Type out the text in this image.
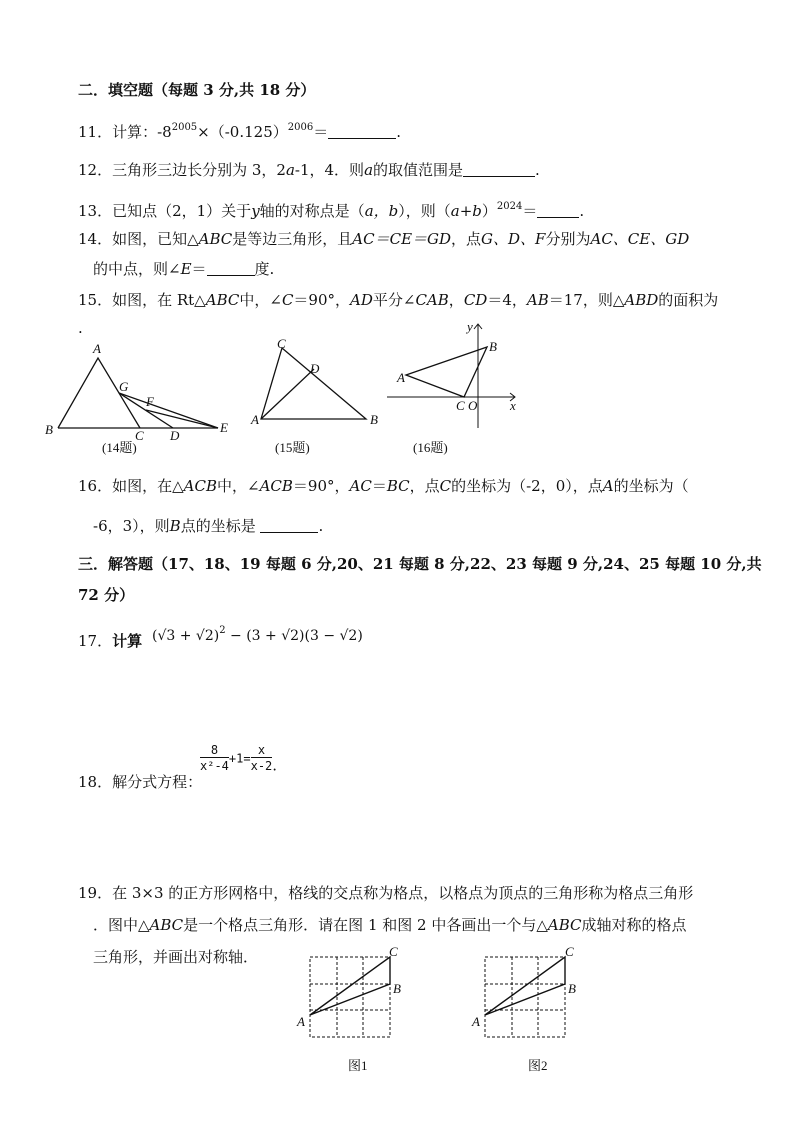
二．填空题（每题 3 分,共 18 分）
11．计算：$-8^{2005}\times(-0.125)^{2006}=$	.
12．三角形三边长分别为 3，2a-1，4．则a的取值范围是	.
13．已知点（2，1）关于y轴的对称点是（a，b），则$(a+b)^{2024}=$	.
14．如图，已知△ABC是等边三角形，且AC＝CE＝GD，点G、D、F分别为AC、CE、GD
的中点，则∠E＝	度.
15．如图，在 Rt△ABC中，∠C＝90°，AD平分∠CAB，CD＝4，AB＝17，则△ABD的面积为
.
A
B	C D
E
F
G
(14题)
C
D
A	B
(15题)
y
x
A
B
C O
(16题)
16．如图，在△ACB中，∠ACB＝90°，AC＝BC，点C的坐标为（-2，0），点A的坐标为（
-6，3），则B点的坐标是	.
三．解答题（17、18、19 每题 6 分,20、21 每题 8 分,22、23 每题 9 分,24、25 每题 10 分,共
72 分）
17．计算 $(√3 + √2)^2 - (3 + √2)(3 - √2)$
18．解分式方程：
$\frac{8}{\text{x²-4}} +1= \frac{x}{x-2}$ .
19．在 3×3 的正方形网格中，格线的交点称为格点，以格点为顶点的三角形称为格点三角形
．图中△ABC是一个格点三角形．请在图 1 和图 2 中各画出一个与△ABC成轴对称的格点
三角形，并画出对称轴．	C
B
A
图1
C
B
A
图2
